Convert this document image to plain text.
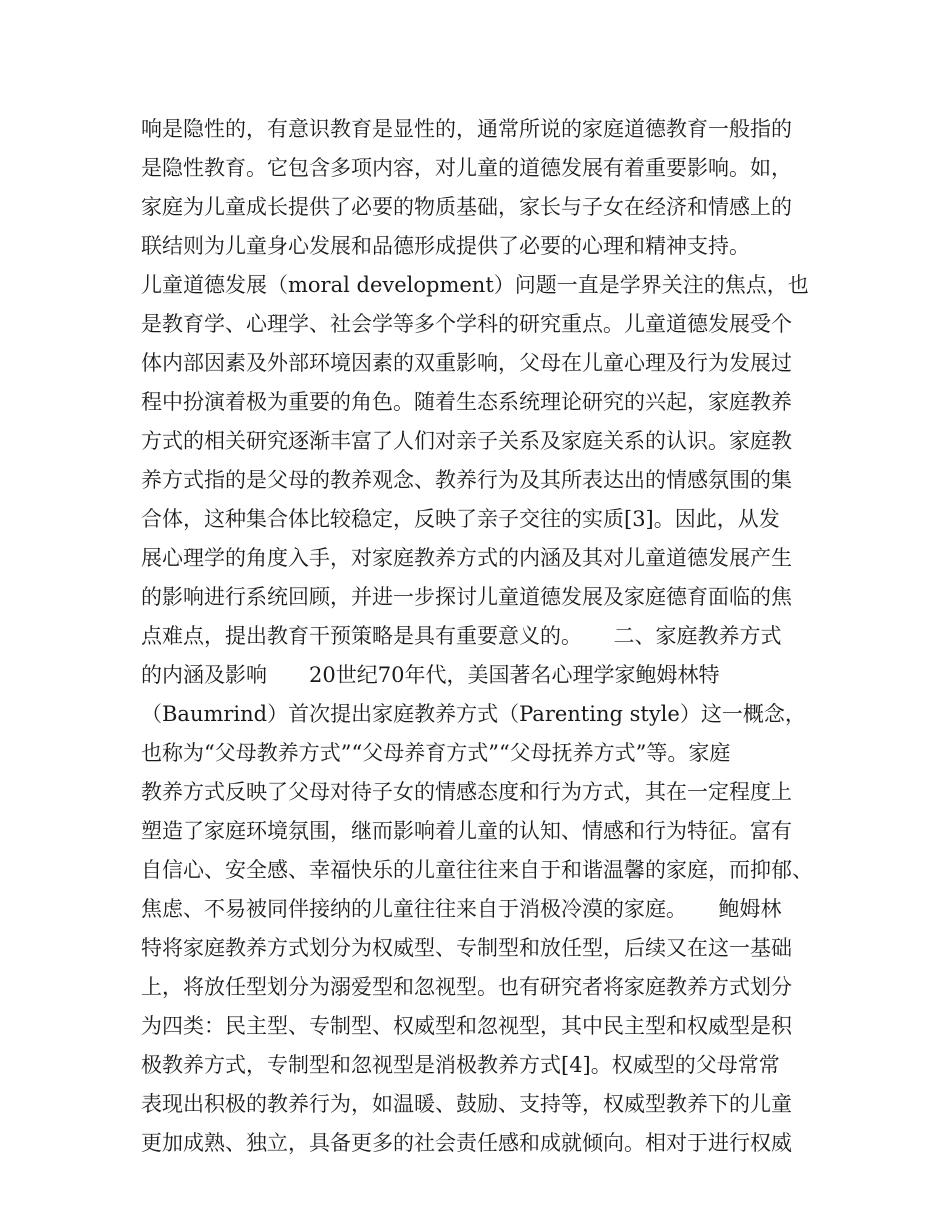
响是隐性的，有意识教育是显性的，通常所说的家庭道德教育一般指的
是隐性教育。它包含多项内容，对儿童的道德发展有着重要影响。如，
家庭为儿童成长提供了必要的物质基础，家长与子女在经济和情感上的
联结则为儿童身心发展和品德形成提供了必要的心理和精神支持。
儿童道德发展（moral development）问题一直是学界关注的焦点，也
是教育学、心理学、社会学等多个学科的研究重点。儿童道德发展受个
体内部因素及外部环境因素的双重影响，父母在儿童心理及行为发展过
程中扮演着极为重要的角色。随着生态系统理论研究的兴起，家庭教养
方式的相关研究逐渐丰富了人们对亲子关系及家庭关系的认识。家庭教
养方式指的是父母的教养观念、教养行为及其所表达出的情感氛围的集
合体，这种集合体比较稳定，反映了亲子交往的实质[3]。因此，从发
展心理学的角度入手，对家庭教养方式的内涵及其对儿童道德发展产生
的影响进行系统回顾，并进一步探讨儿童道德发展及家庭德育面临的焦
点难点，提出教育干预策略是具有重要意义的。　　二、家庭教养方式
的内涵及影响　　20世纪70年代，美国著名心理学家鲍姆林特
（Baumrind）首次提出家庭教养方式（Parenting style）这一概念，
也称为“父母教养方式”“父母养育方式”“父母抚养方式”等。家庭
教养方式反映了父母对待子女的情感态度和行为方式，其在一定程度上
塑造了家庭环境氛围，继而影响着儿童的认知、情感和行为特征。富有
自信心、安全感、幸福快乐的儿童往往来自于和谐温馨的家庭，而抑郁、
焦虑、不易被同伴接纳的儿童往往来自于消极冷漠的家庭。　　鲍姆林
特将家庭教养方式划分为权威型、专制型和放任型，后续又在这一基础
上，将放任型划分为溺爱型和忽视型。也有研究者将家庭教养方式划分
为四类：民主型、专制型、权威型和忽视型，其中民主型和权威型是积
极教养方式，专制型和忽视型是消极教养方式[4]。权威型的父母常常
表现出积极的教养行为，如温暖、鼓励、支持等，权威型教养下的儿童
更加成熟、独立，具备更多的社会责任感和成就倾向。相对于进行权威
